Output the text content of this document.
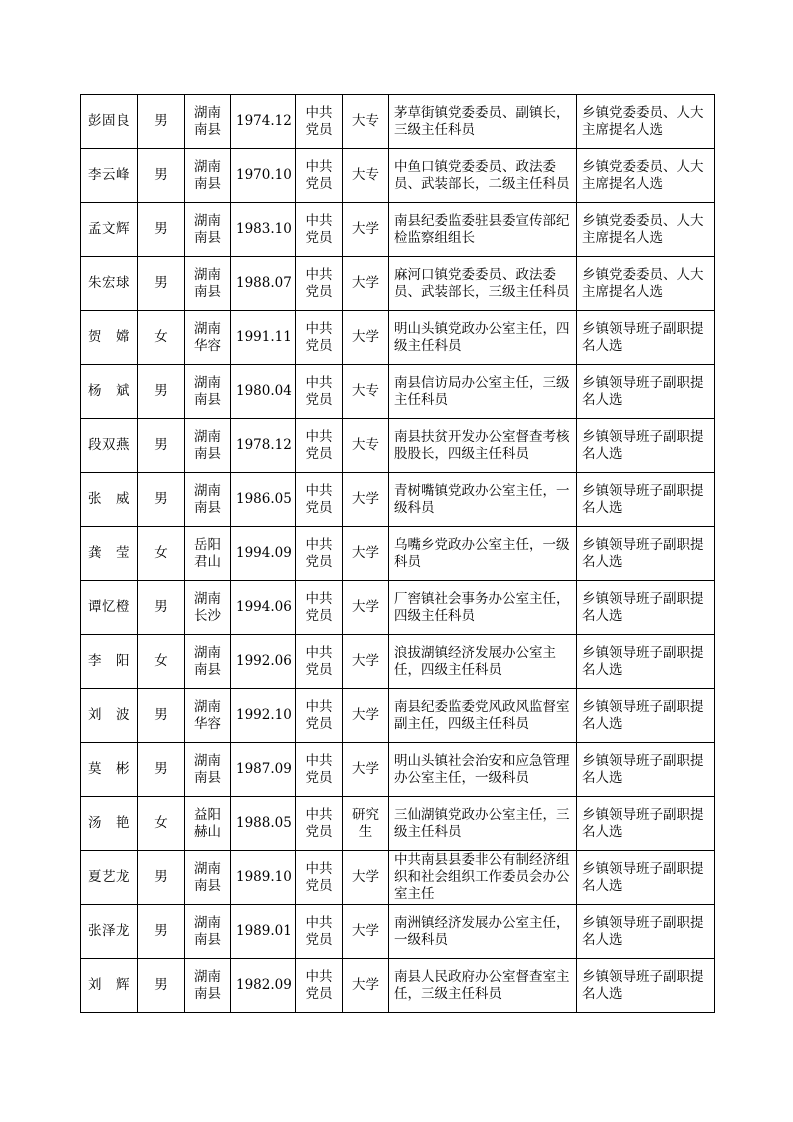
彭固良	男	湖南南县	1974.12	中共党员	大专	茅草街镇党委委员、副镇长，三级主任科员	乡镇党委委员、人大主席提名人选
李云峰	男	湖南南县	1970.10	中共党员	大专	中鱼口镇党委委员、政法委员、武装部长，二级主任科员	乡镇党委委员、人大主席提名人选
孟文辉	男	湖南南县	1983.10	中共党员	大学	南县纪委监委驻县委宣传部纪检监察组组长	乡镇党委委员、人大主席提名人选
朱宏球	男	湖南南县	1988.07	中共党员	大学	麻河口镇党委委员、政法委员、武装部长，三级主任科员	乡镇党委委员、人大主席提名人选
贺　嫦	女	湖南华容	1991.11	中共党员	大学	明山头镇党政办公室主任，四级主任科员	乡镇领导班子副职提名人选
杨　斌	男	湖南南县	1980.04	中共党员	大专	南县信访局办公室主任，三级主任科员	乡镇领导班子副职提名人选
段双燕	男	湖南南县	1978.12	中共党员	大专	南县扶贫开发办公室督查考核股股长，四级主任科员	乡镇领导班子副职提名人选
张　威	男	湖南南县	1986.05	中共党员	大学	青树嘴镇党政办公室主任，一级科员	乡镇领导班子副职提名人选
龚　莹	女	岳阳君山	1994.09	中共党员	大学	乌嘴乡党政办公室主任，一级科员	乡镇领导班子副职提名人选
谭忆橙	男	湖南长沙	1994.06	中共党员	大学	厂窖镇社会事务办公室主任，四级主任科员	乡镇领导班子副职提名人选
李　阳	女	湖南南县	1992.06	中共党员	大学	浪拔湖镇经济发展办公室主任，四级主任科员	乡镇领导班子副职提名人选
刘　波	男	湖南华容	1992.10	中共党员	大学	南县纪委监委党风政风监督室副主任，四级主任科员	乡镇领导班子副职提名人选
莫　彬	男	湖南南县	1987.09	中共党员	大学	明山头镇社会治安和应急管理办公室主任，一级科员	乡镇领导班子副职提名人选
汤　艳	女	益阳赫山	1988.05	中共党员	研究生	三仙湖镇党政办公室主任，三级主任科员	乡镇领导班子副职提名人选
夏艺龙	男	湖南南县	1989.10	中共党员	大学	中共南县县委非公有制经济组织和社会组织工作委员会办公室主任	乡镇领导班子副职提名人选
张泽龙	男	湖南南县	1989.01	中共党员	大学	南洲镇经济发展办公室主任，一级科员	乡镇领导班子副职提名人选
刘　辉	男	湖南南县	1982.09	中共党员	大学	南县人民政府办公室督查室主任，三级主任科员	乡镇领导班子副职提名人选
